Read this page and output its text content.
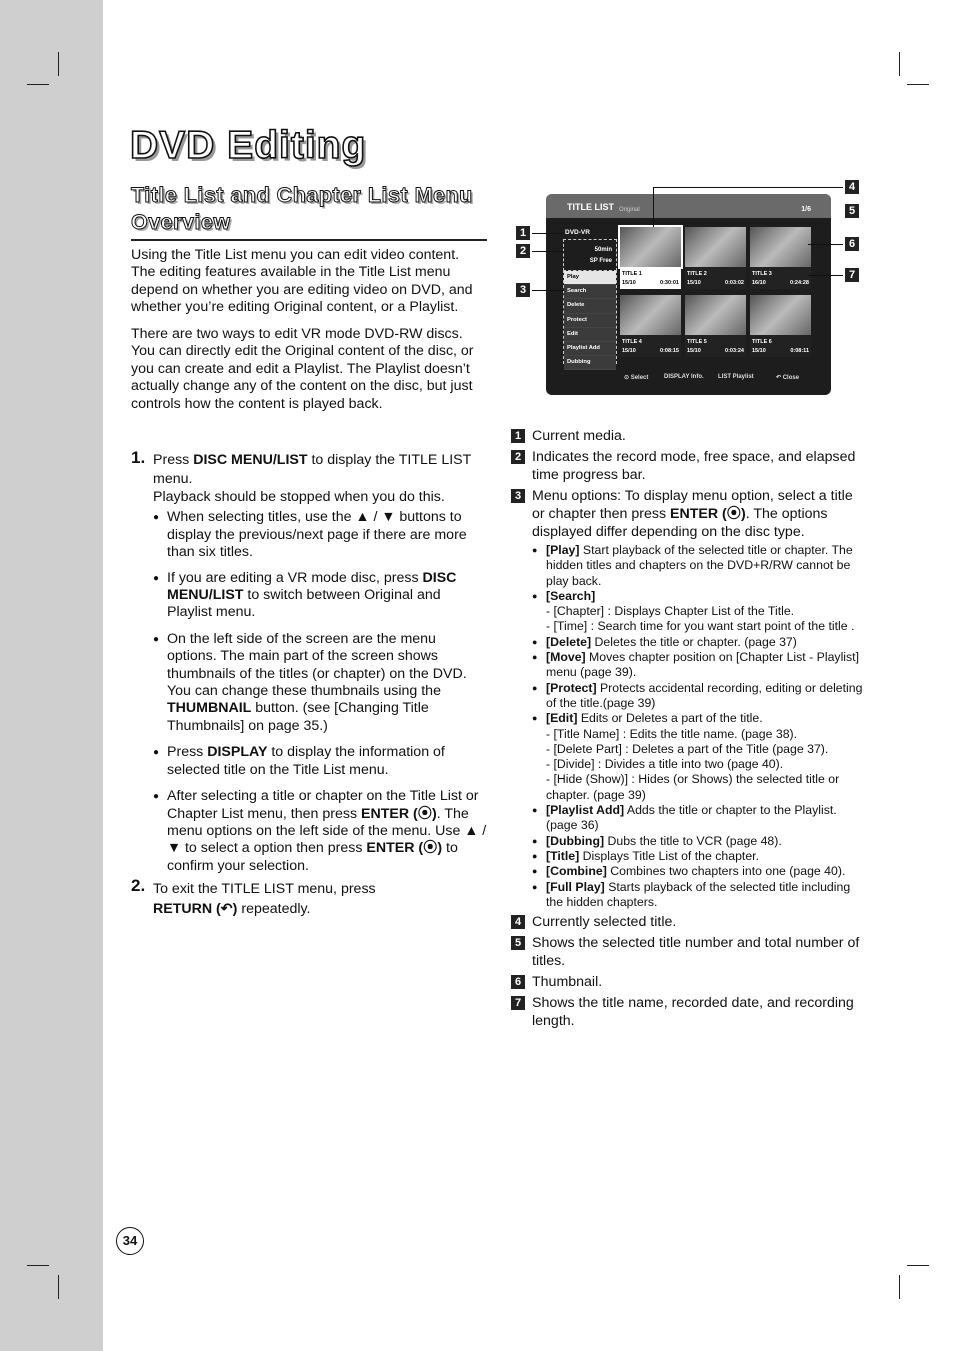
DVD Editing
Title List and Chapter List Menu Overview
Using the Title List menu you can edit video content. The editing features available in the Title List menu depend on whether you are editing video on DVD, and whether you’re editing Original content, or a Playlist.
There are two ways to edit VR mode DVD-RW discs. You can directly edit the Original content of the disc, or you can create and edit a Playlist. The Playlist doesn’t actually change any of the content on the disc, but just controls how the content is played back.
1. Press DISC MENU/LIST to display the TITLE LIST menu.
Playback should be stopped when you do this.
● When selecting titles, use the ▲ / ▼ buttons to display the previous/next page if there are more than six titles.
● If you are editing a VR mode disc, press DISC MENU/LIST to switch between Original and Playlist menu.
● On the left side of the screen are the menu options. The main part of the screen shows thumbnails of the titles (or chapter) on the DVD. You can change these thumbnails using the THUMBNAIL button. (see [Changing Title Thumbnails] on page 35.)
● Press DISPLAY to display the information of selected title on the Title List menu.
● After selecting a title or chapter on the Title List or Chapter List menu, then press ENTER (⦿). The menu options on the left side of the menu. Use ▲ / ▼ to select a option then press ENTER (⦿) to confirm your selection.
2. To exit the TITLE LIST menu, press
RETURN (↶) repeatedly.
TITLE LIST Original	1/6
DVD-VR
50min
SP Free
Play
Search
Delete
Protect
Edit
Playlist Add
Dubbing
TITLE 1
15/10	0:30:01
TITLE 2
15/10	0:03:02
TITLE 3
16/10	0:24:28
TITLE 4
15/10	0:08:15
TITLE 5
15/10	0:03:24
TITLE 6
15/10	0:08:11
⊙ Select	DISPLAY Info. LIST Playlist	↶ Close
1
2
3
4
5
6
7
1 Current media.
2 Indicates the record mode, free space, and elapsed time progress bar.
3 Menu options: To display menu option, select a title or chapter then press ENTER (⦿). The options displayed differ depending on the disc type.
● [Play] Start playback of the selected title or chapter. The hidden titles and chapters on the DVD+R/RW cannot be play back.
● [Search]
- [Chapter] : Displays Chapter List of the Title.
- [Time] : Search time for you want start point of the title .
● [Delete] Deletes the title or chapter. (page 37)
● [Move] Moves chapter position on [Chapter List - Playlist] menu (page 39).
● [Protect] Protects accidental recording, editing or deleting of the title.(page 39)
● [Edit] Edits or Deletes a part of the title.
- [Title Name] : Edits the title name. (page 38).
- [Delete Part] : Deletes a part of the Title (page 37).
- [Divide] : Divides a title into two (page 40).
- [Hide (Show)] : Hides (or Shows) the selected title or chapter. (page 39)
● [Playlist Add] Adds the title or chapter to the Playlist. (page 36)
● [Dubbing] Dubs the title to VCR (page 48).
● [Title] Displays Title List of the chapter.
● [Combine] Combines two chapters into one (page 40).
● [Full Play] Starts playback of the selected title including the hidden chapters.
4 Currently selected title.
5 Shows the selected title number and total number of titles.
6 Thumbnail.
7 Shows the title name, recorded date, and recording length.
34
